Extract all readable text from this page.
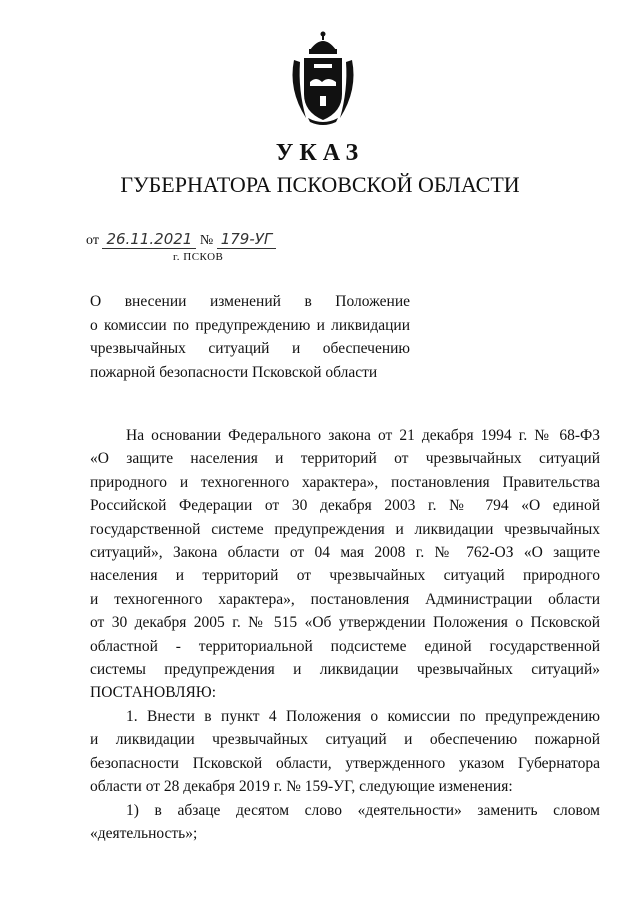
УКАЗ
ГУБЕРНАТОРА ПСКОВСКОЙ ОБЛАСТИ
от 26.11.2021 № 179-УГ
г. ПСКОВ
О внесении изменений в Положение
о комиссии по предупреждению и ликвидации
чрезвычайных ситуаций и обеспечению
пожарной безопасности Псковской области
На основании Федерального закона от 21 декабря 1994 г. № 68-ФЗ
«О защите населения и территорий от чрезвычайных ситуаций
природного и техногенного характера», постановления Правительства
Российской Федерации от 30 декабря 2003 г. № 794 «О единой
государственной системе предупреждения и ликвидации чрезвычайных
ситуаций», Закона области от 04 мая 2008 г. № 762-ОЗ «О защите
населения и территорий от чрезвычайных ситуаций природного
и техногенного характера», постановления Администрации области
от 30 декабря 2005 г. № 515 «Об утверждении Положения о Псковской
областной - территориальной подсистеме единой государственной
системы предупреждения и ликвидации чрезвычайных ситуаций»
ПОСТАНОВЛЯЮ:
1. Внести в пункт 4 Положения о комиссии по предупреждению
и ликвидации чрезвычайных ситуаций и обеспечению пожарной
безопасности Псковской области, утвержденного указом Губернатора
области от 28 декабря 2019 г. № 159-УГ, следующие изменения:
1) в абзаце десятом слово «деятельности» заменить словом
«деятельность»;
